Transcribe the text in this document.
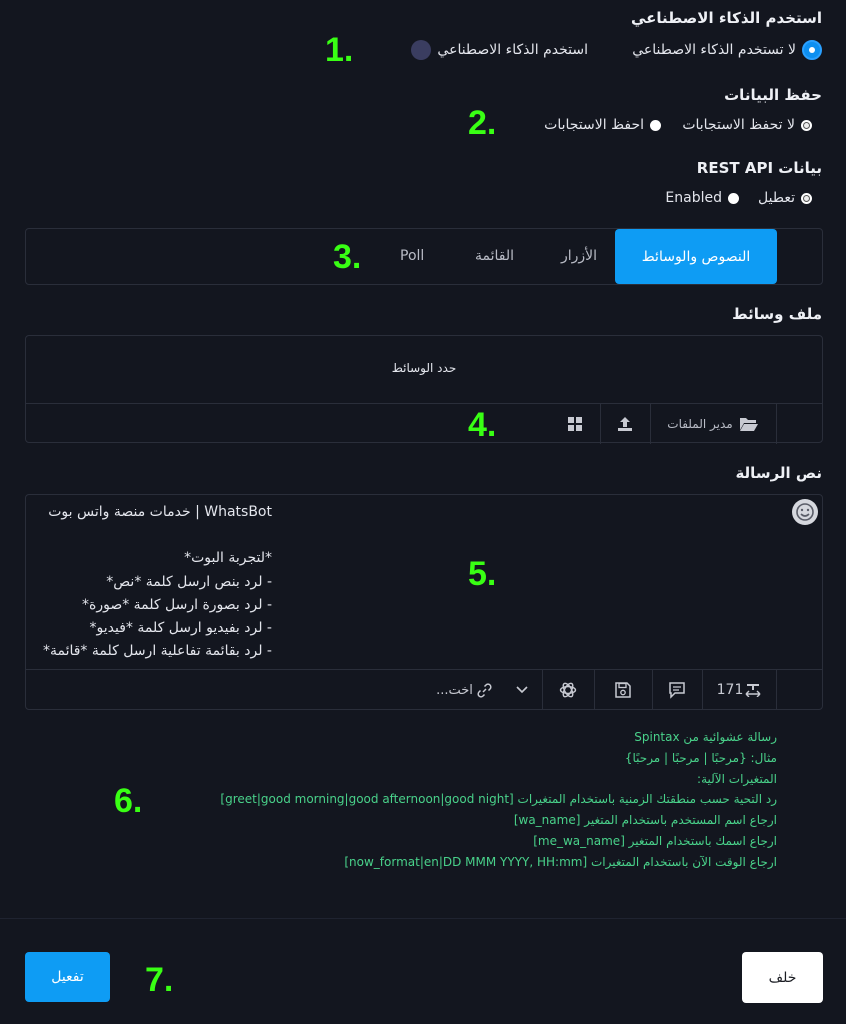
استخدم الذكاء الاصطناعي
لا تستخدم الذكاء الاصطناعي
استخدم الذكاء الاصطناعي
1.
حفظ البيانات
لا تحفظ الاستجابات
احفظ الاستجابات
2.
بيانات REST API
تعطيل
Enabled
النصوص والوسائط
الأزرار
القائمة
Poll
3.
ملف وسائط
حدد الوسائط
مدير الملفات
4.
نص الرسالة
WhatsBot | خدمات منصة واتس بوت
*لتجربة البوت*
- لرد بنص ارسل كلمة *نص*
- لرد بصورة ارسل كلمة *صورة*
- لرد بفيديو ارسل كلمة *فيديو*
- لرد بقائمة تفاعلية ارسل كلمة *قائمة*
171
اخت...
5.
رسالة عشوائية من Spintax
مثال: {مرحبًا | مرحبًا | مرحبًا}
المتغيرات الآلية:
رد التحية حسب منطقتك الزمنية باستخدام المتغيرات [greet|good morning|good afternoon|good night]
ارجاع اسم المستخدم باستخدام المتغير [wa_name]
ارجاع اسمك باستخدام المتغير [me_wa_name]
ارجاع الوقت الآن باستخدام المتغيرات [now_format|en|DD MMM YYYY, HH:mm]
6.
خلف
تفعيل	7.
